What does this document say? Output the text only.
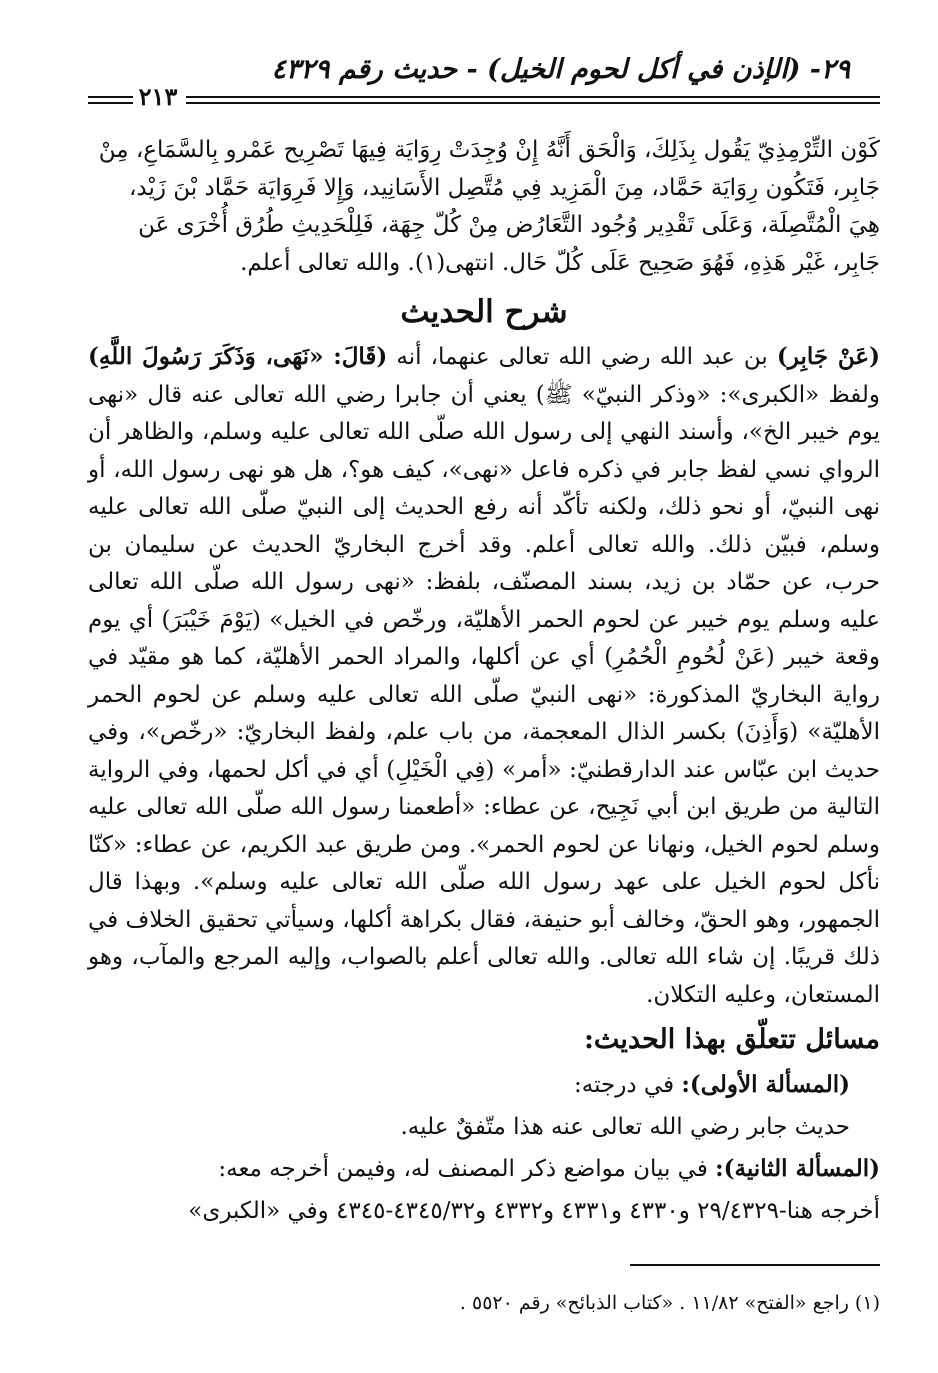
٢٩- (الإذن في أكل لحوم الخيل) - حديث رقم ٤٣٢٩
٢١٣
كَوْن التِّرْمِذِيّ يَقُول بِذَلِكَ، وَالْحَق أَنَّهُ إِنْ وُجِدَتْ رِوَايَة فِيهَا تَصْرِيح عَمْرو بِالسَّمَاعِ، مِنْ
جَابِر، فَتَكُون رِوَايَة حَمَّاد، مِنَ الْمَزِيد فِي مُتَّصِل الأَسَانِيد، وَإِلا فَرِوَايَة حَمَّاد بْنَ زَيْد،
هِيَ الْمُتَّصِلَة، وَعَلَى تَقْدِير وُجُود التَّعَارُض مِنْ كُلّ جِهَة، فَلِلْحَدِيثِ طُرُق أُخْرَى عَن
جَابِر، غَيْر هَذِهِ، فَهُوَ صَحِيح عَلَى كُلّ حَال. انتهى(١). والله تعالى أعلم.
شرح الحديث

(عَنْ جَابِر) بن عبد الله رضي الله تعالى عنهما، أنه (قَالَ: «نَهَى، وَذَكَرَ رَسُولَ اللَّهِ) ولفظ «الكبرى»: «وذكر النبيّ» ﷺ) يعني أن جابرا رضي الله تعالى عنه قال «نهى يوم خيبر الخ»، وأسند النهي إلى رسول الله صلّى الله تعالى عليه وسلم، والظاهر أن الرواي نسي لفظ جابر في ذكره فاعل «نهى»، كيف هو؟، هل هو نهى رسول الله، أو نهى النبيّ، أو نحو ذلك، ولكنه تأكّد أنه رفع الحديث إلى النبيّ صلّى الله تعالى عليه وسلم، فبيّن ذلك. والله تعالى أعلم. وقد أخرج البخاريّ الحديث عن سليمان بن حرب، عن حمّاد بن زيد، بسند المصنّف، بلفظ: «نهى رسول الله صلّى الله تعالى عليه وسلم يوم خيبر عن لحوم الحمر الأهليّة، ورخّص في الخيل» (يَوْمَ خَيْبَرَ) أي يوم وقعة خيبر (عَنْ لُحُومِ الْحُمُرِ) أي عن أكلها، والمراد الحمر الأهليّة، كما هو مقيّد في رواية البخاريّ المذكورة: «نهى النبيّ صلّى الله تعالى عليه وسلم عن لحوم الحمر الأهليّة» (وَأَذِنَ) بكسر الذال المعجمة، من باب علم، ولفظ البخاريّ: «رخّص»، وفي حديث ابن عبّاس عند الدارقطنيّ: «أمر» (فِي الْخَيْلِ) أي في أكل لحمها، وفي الرواية التالية من طريق ابن أبي نَجِيح، عن عطاء: «أطعمنا رسول الله صلّى الله تعالى عليه وسلم لحوم الخيل، ونهانا عن لحوم الحمر». ومن طريق عبد الكريم، عن عطاء: «كنّا نأكل لحوم الخيل على عهد رسول الله صلّى الله تعالى عليه وسلم». وبهذا قال الجمهور، وهو الحقّ، وخالف أبو حنيفة، فقال بكراهة أكلها، وسيأتي تحقيق الخلاف في ذلك قريبًا. إن شاء الله تعالى. والله تعالى أعلم بالصواب، وإليه المرجع والمآب، وهو المستعان، وعليه التكلان.

مسائل تتعلّق بهذا الحديث:

(المسألة الأولى): في درجته:

حديث جابر رضي الله تعالى عنه هذا متّفقٌ عليه.

(المسألة الثانية): في بيان مواضع ذكر المصنف له، وفيمن أخرجه معه:

أخرجه هنا-٢٩/٤٣٢٩ و٤٣٣٠ و٤٣٣١ و٤٣٣٢ و٤٣٤٥/٣٢-٤٣٤٥ وفي «الكبرى»

(١) راجع «الفتح» ١١/٨٢ . «كتاب الذبائح» رقم ٥٥٢٠ .
